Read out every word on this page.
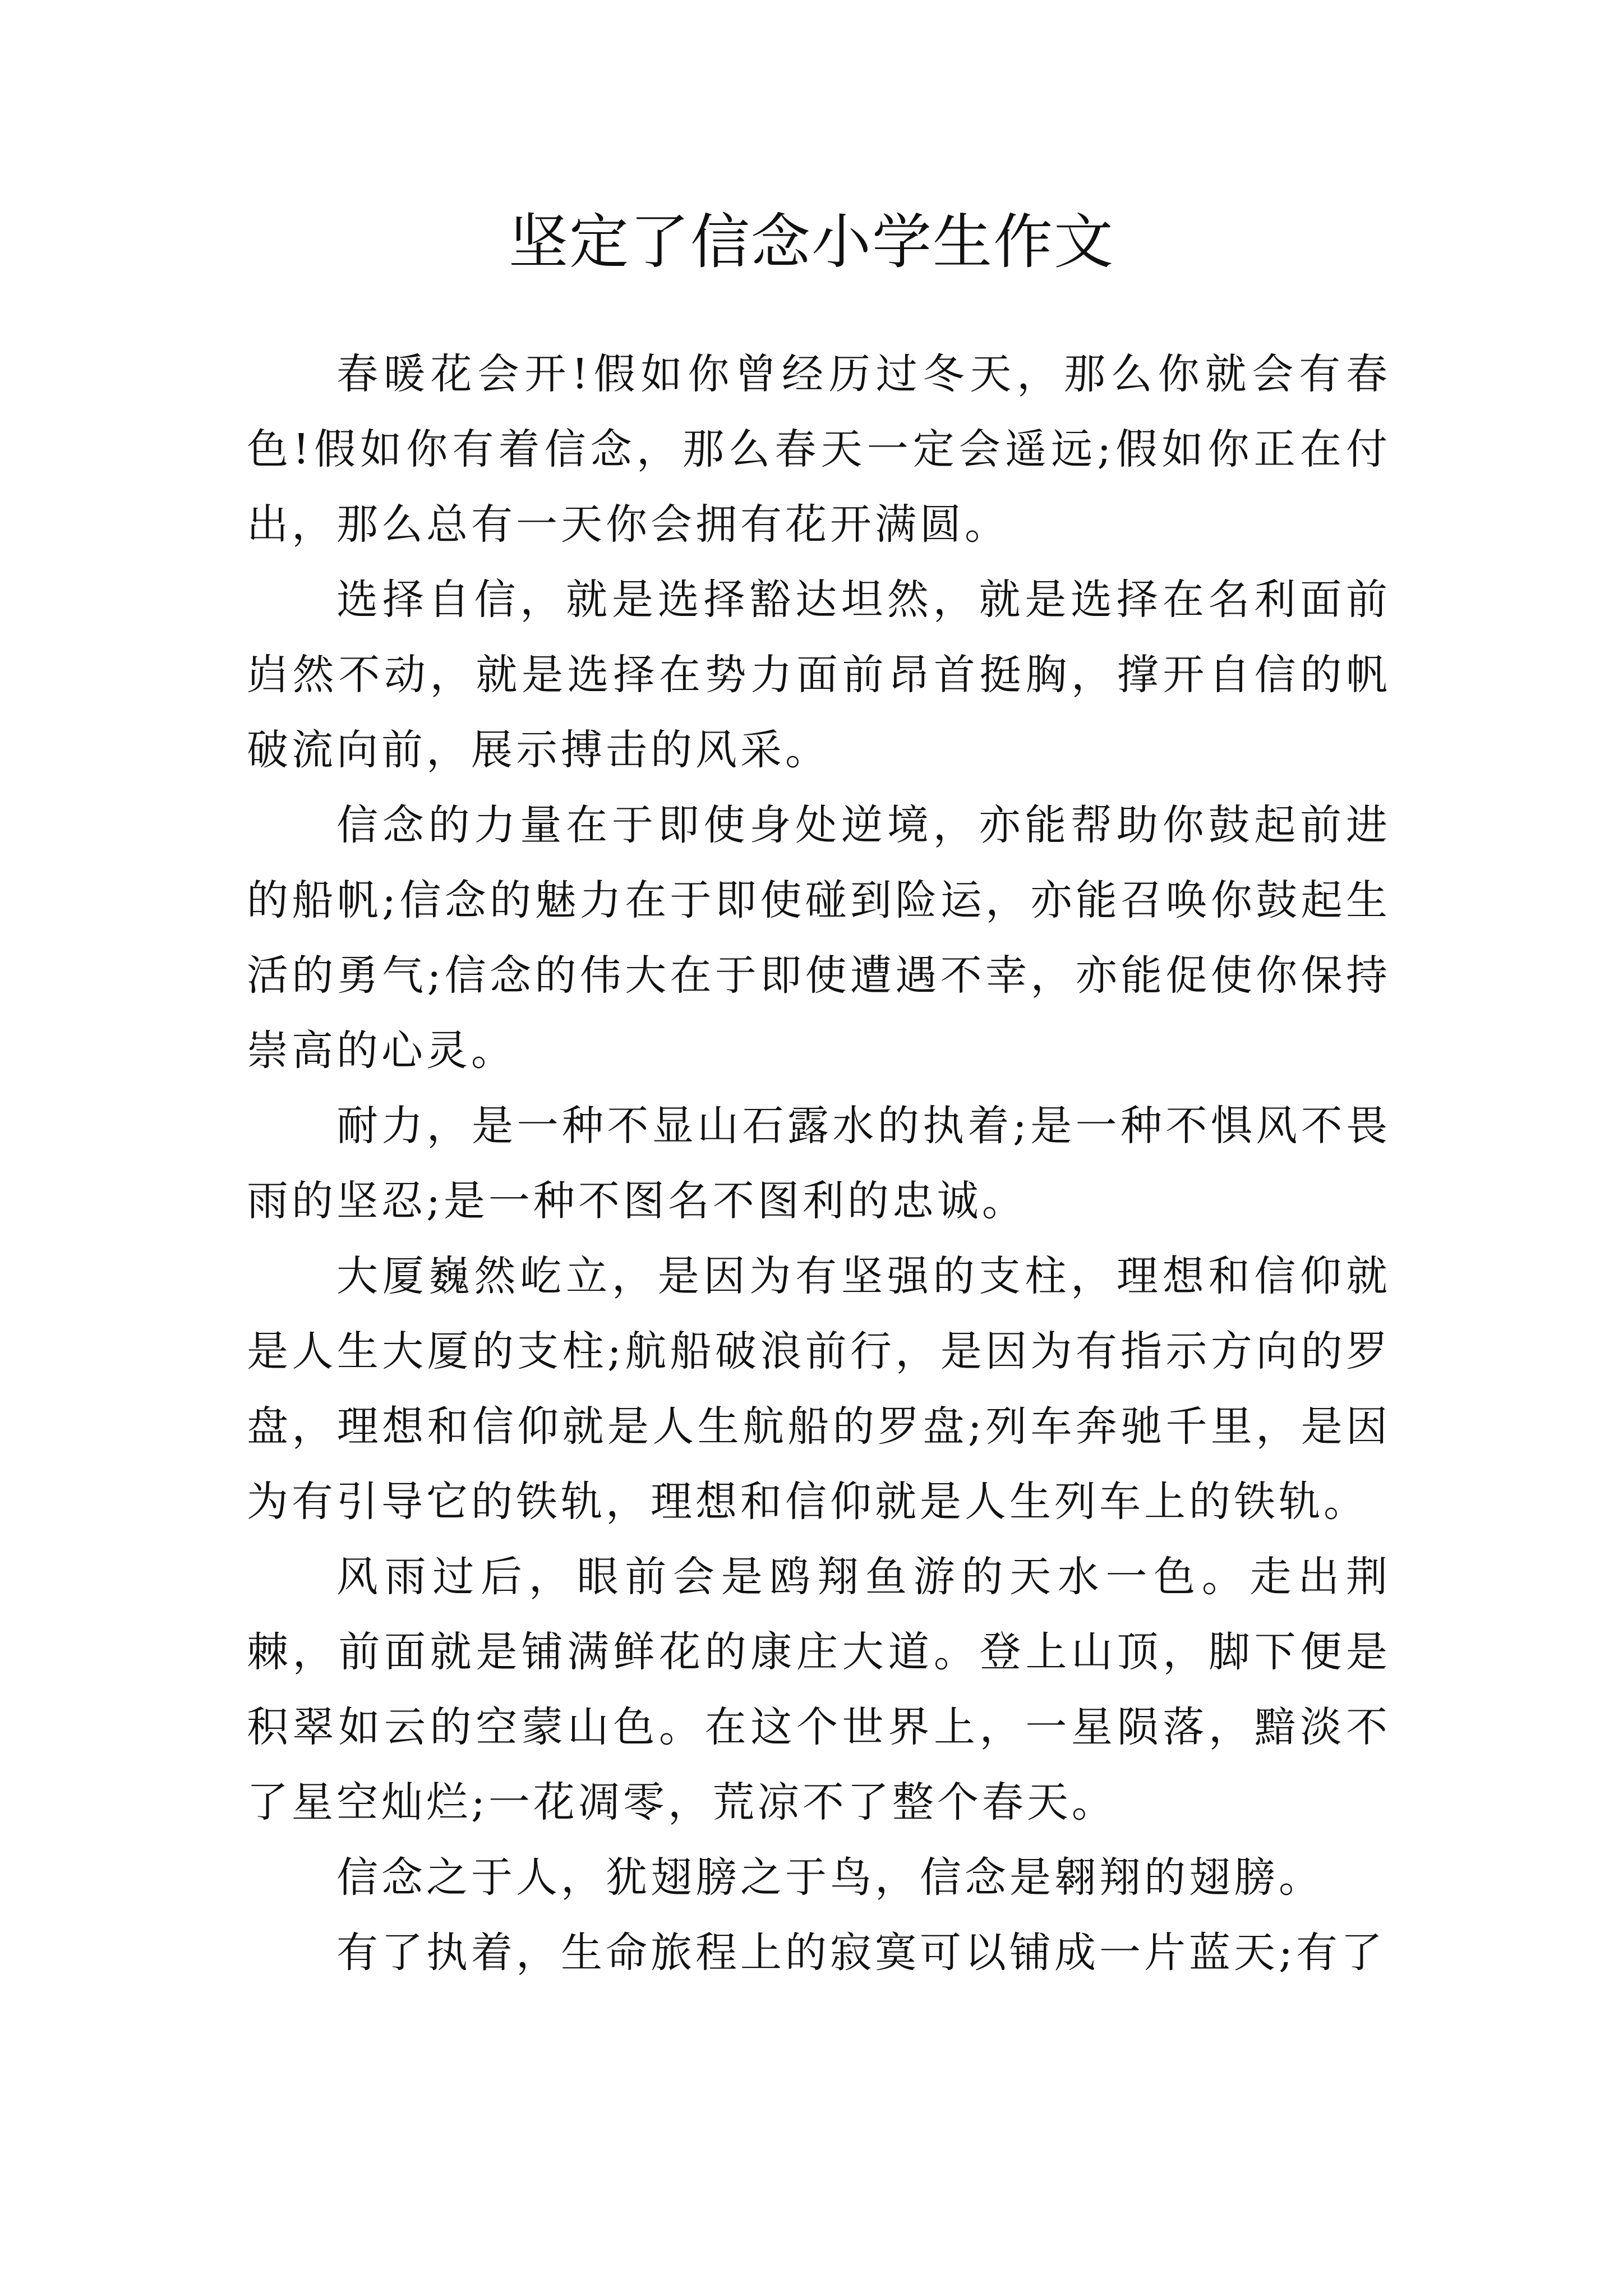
坚定了信念小学生作文

春暖花会开!假如你曾经历过冬天，那么你就会有春色!假如你有着信念，那么春天一定会遥远;假如你正在付出，那么总有一天你会拥有花开满圆。

选择自信，就是选择豁达坦然，就是选择在名利面前岿然不动，就是选择在势力面前昂首挺胸，撑开自信的帆破流向前，展示搏击的风采。

信念的力量在于即使身处逆境，亦能帮助你鼓起前进的船帆;信念的魅力在于即使碰到险运，亦能召唤你鼓起生活的勇气;信念的伟大在于即使遭遇不幸，亦能促使你保持崇高的心灵。

耐力，是一种不显山石露水的执着;是一种不惧风不畏雨的坚忍;是一种不图名不图利的忠诚。

大厦巍然屹立，是因为有坚强的支柱，理想和信仰就是人生大厦的支柱;航船破浪前行，是因为有指示方向的罗盘，理想和信仰就是人生航船的罗盘;列车奔驰千里，是因为有引导它的铁轨，理想和信仰就是人生列车上的铁轨。

风雨过后，眼前会是鸥翔鱼游的天水一色。走出荆棘，前面就是铺满鲜花的康庄大道。登上山顶，脚下便是积翠如云的空蒙山色。在这个世界上，一星陨落，黯淡不了星空灿烂;一花凋零，荒凉不了整个春天。

信念之于人，犹翅膀之于鸟，信念是翱翔的翅膀。

有了执着，生命旅程上的寂寞可以铺成一片蓝天;有了
